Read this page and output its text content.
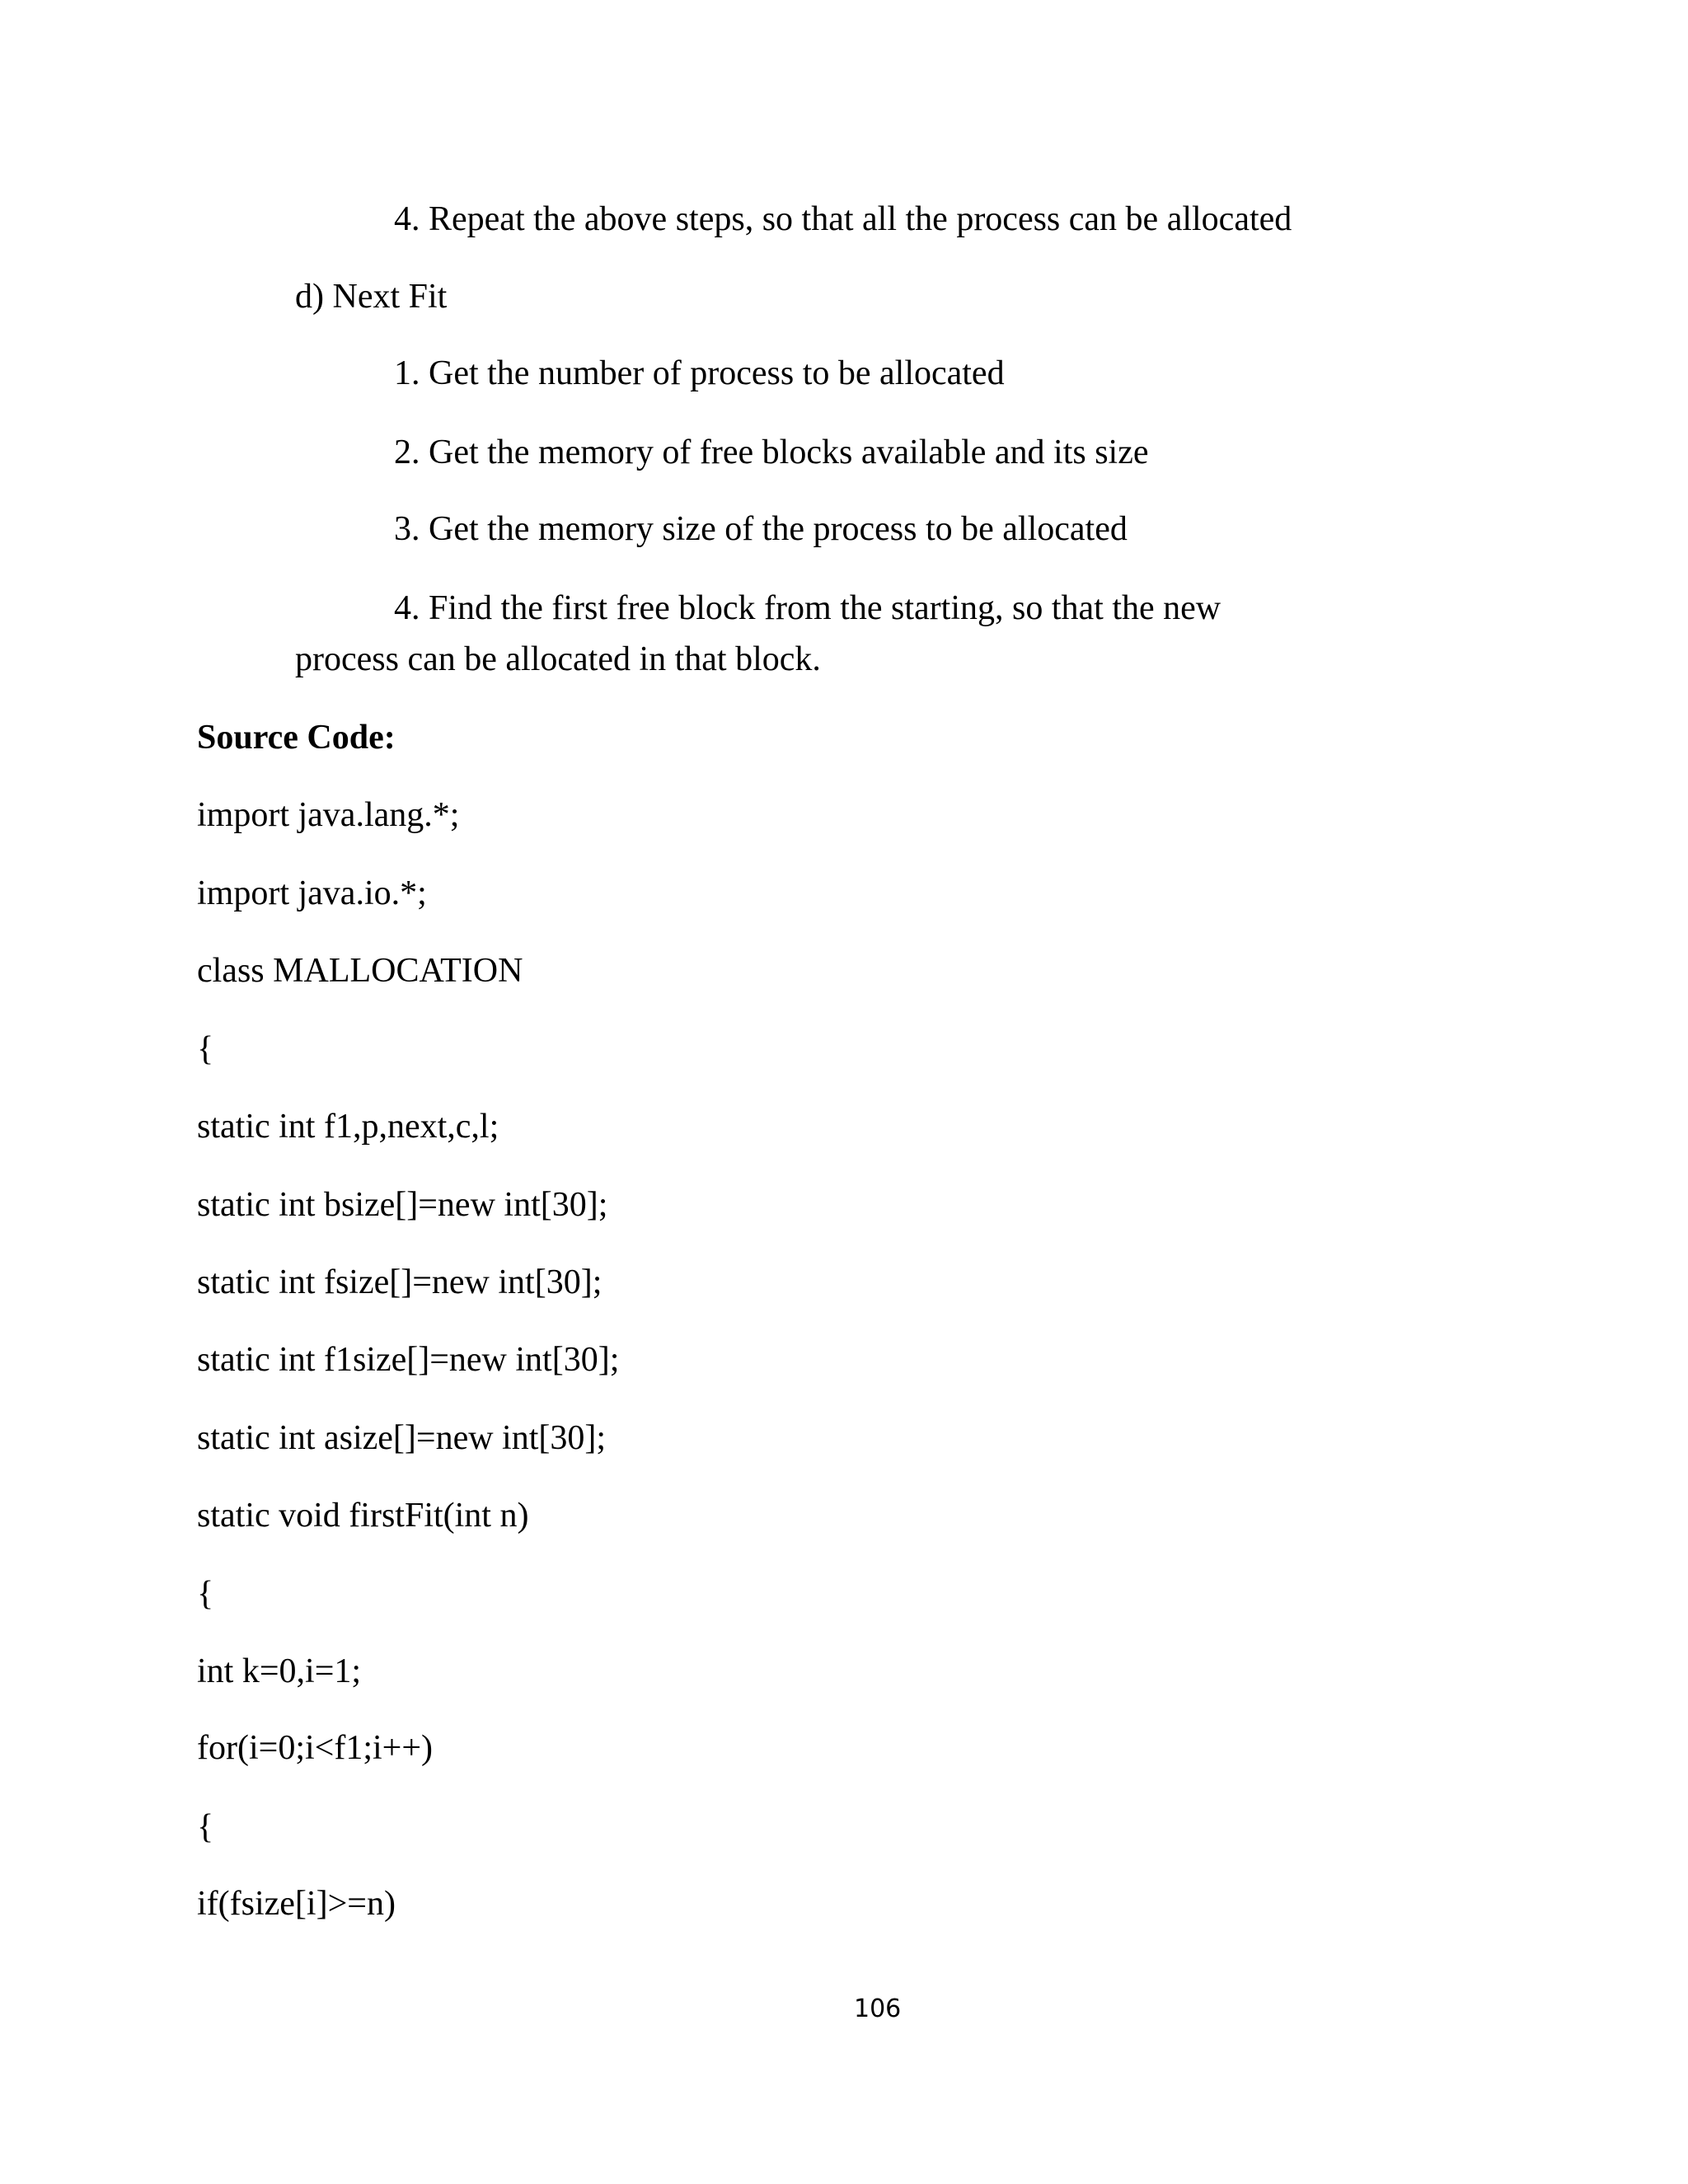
4. Repeat the above steps, so that all the process can be allocated
d) Next Fit
1. Get the number of process to be allocated
2. Get the memory of free blocks available and its size
3. Get the memory size of the process to be allocated
4. Find the first free block from the starting, so that the new
process can be allocated in that block.
Source Code:
import java.lang.*;
import java.io.*;
class MALLOCATION
{
static int f1,p,next,c,l;
static int bsize[]=new int[30];
static int fsize[]=new int[30];
static int f1size[]=new int[30];
static int asize[]=new int[30];
static void firstFit(int n)
{
int k=0,i=1;
for(i=0;i<f1;i++)
{
if(fsize[i]>=n)
106
